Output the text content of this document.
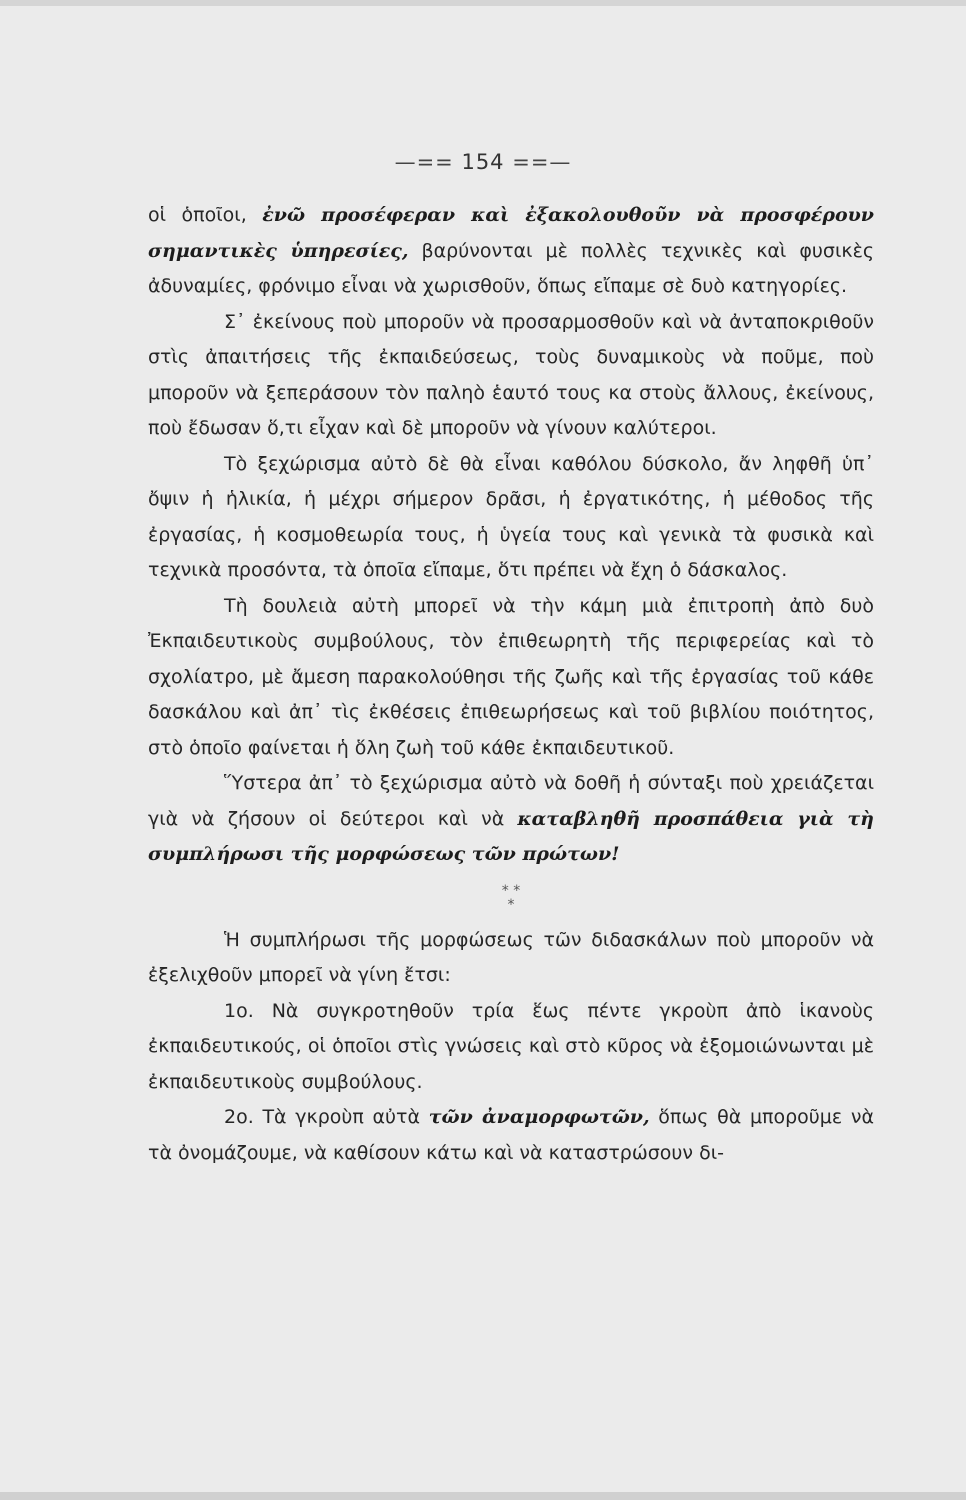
—== 154 ==—

οἱ ὁποῖοι, ἐνῶ προσέφεραν καὶ ἐξακολουθοῦν νὰ προσφέρουν σημαντικὲς ὑπηρεσίες, βαρύνονται μὲ πολλὲς τεχνικὲς καὶ φυσικὲς ἀδυναμίες, φρόνιμο εἶναι νὰ χωρισθοῦν, ὅπως εἴπαμε σὲ δυὸ κατηγορίες.

Σ᾽ ἐκείνους ποὺ μποροῦν νὰ προσαρμοσθοῦν καὶ νὰ ἀνταποκριθοῦν στὶς ἀπαιτήσεις τῆς ἐκπαιδεύσεως, τοὺς δυναμικοὺς νὰ ποῦμε, ποὺ μποροῦν νὰ ξεπεράσουν τὸν παληὸ ἑαυτό τους κα στοὺς ἄλλους, ἐκείνους, ποὺ ἔδωσαν ὅ,τι εἶχαν καὶ δὲ μποροῦν νὰ γίνουν καλύτεροι.

Τὸ ξεχώρισμα αὐτὸ δὲ θὰ εἶναι καθόλου δύσκολο, ἄν ληφθῆ ὑπ᾽ ὄψιν ἡ ἡλικία, ἡ μέχρι σήμερον δρᾶσι, ἡ ἐργατικότης, ἡ μέθοδος τῆς ἐργασίας, ἡ κοσμοθεωρία τους, ἡ ὑγεία τους καὶ γενικὰ τὰ φυσικὰ καὶ τεχνικὰ προσόντα, τὰ ὁποῖα εἴπαμε, ὅτι πρέπει νὰ ἔχη ὁ δάσκαλος.

Τὴ δουλειὰ αὐτὴ μπορεῖ νὰ τὴν κάμη μιὰ ἐπιτροπὴ ἀπὸ δυὸ Ἐκπαιδευτικοὺς συμβούλους, τὸν ἐπιθεωρητὴ τῆς περιφερείας καὶ τὸ σχολίατρο, μὲ ἄμεση παρακολούθησι τῆς ζωῆς καὶ τῆς ἐργασίας τοῦ κάθε δασκάλου καὶ ἀπ᾽ τὶς ἐκθέσεις ἐπιθεωρήσεως καὶ τοῦ βιβλίου ποιότητος, στὸ ὁποῖο φαίνεται ἡ ὅλη ζωὴ τοῦ κάθε ἐκπαιδευτικοῦ.

Ὕστερα ἀπ᾽ τὸ ξεχώρισμα αὐτὸ νὰ δοθῆ ἡ σύνταξι ποὺ χρειάζεται γιὰ νὰ ζήσουν οἱ δεύτεροι καὶ νὰ καταβληθῆ προσπάθεια γιὰ τὴ συμπλήρωσι τῆς μορφώσεως τῶν πρώτων!

* *
*

Ἡ συμπλήρωσι τῆς μορφώσεως τῶν διδασκάλων ποὺ μποροῦν νὰ ἐξελιχθοῦν μπορεῖ νὰ γίνη ἔτσι:

1ο. Νὰ συγκροτηθοῦν τρία ἕως πέντε γκροὺπ ἀπὸ ἱκανοὺς ἐκπαιδευτικούς, οἱ ὁποῖοι στὶς γνώσεις καὶ στὸ κῦρος νὰ ἐξομοιώνωνται μὲ ἐκπαιδευτικοὺς συμβούλους.

2ο. Τὰ γκροὺπ αὐτὰ τῶν ἀναμορφωτῶν, ὅπως θὰ μποροῦμε νὰ τὰ ὀνομάζουμε, νὰ καθίσουν κάτω καὶ νὰ καταστρώσουν δι-
